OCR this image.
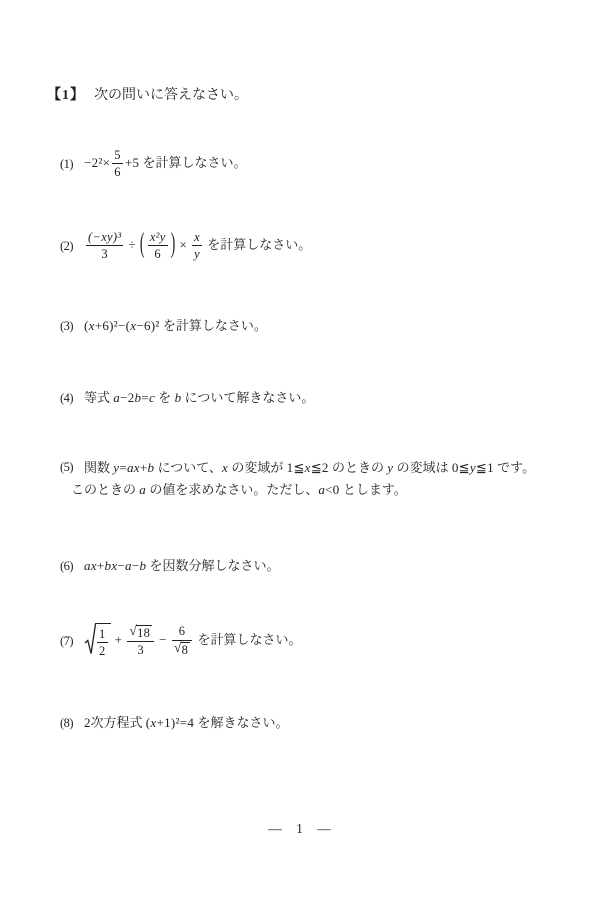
【1】 次の問いに答えなさい。
$(1) -2^2\times \frac{5}{6} +5$ を計算しなさい。
(2)	$\frac{\text{(−xy)³}}{3}$ ÷ ( $\frac{\text{x²y}}{6}$ ) × $\frac{x}{y}$ を計算しなさい。
(3) (x+6)²−(x−6)² を計算しなさい。
(4) 等式 a−2b=c を b について解きなさい。
(5) 関数 y=ax+b について、x の変域が 1≦x≦2 のときの y の変域は 0≦y≦1 です。
このときの a の値を求めなさい。ただし、a<0 とします。
(6) ax+bx−a−b を因数分解しなさい。
(7)	$\frac{1}{2} + \frac{√ 18}{3} - \frac{6}{√ 8}$ を計算しなさい。
(8) 2次方程式 (x+1)²=4 を解きなさい。
— 1 —
